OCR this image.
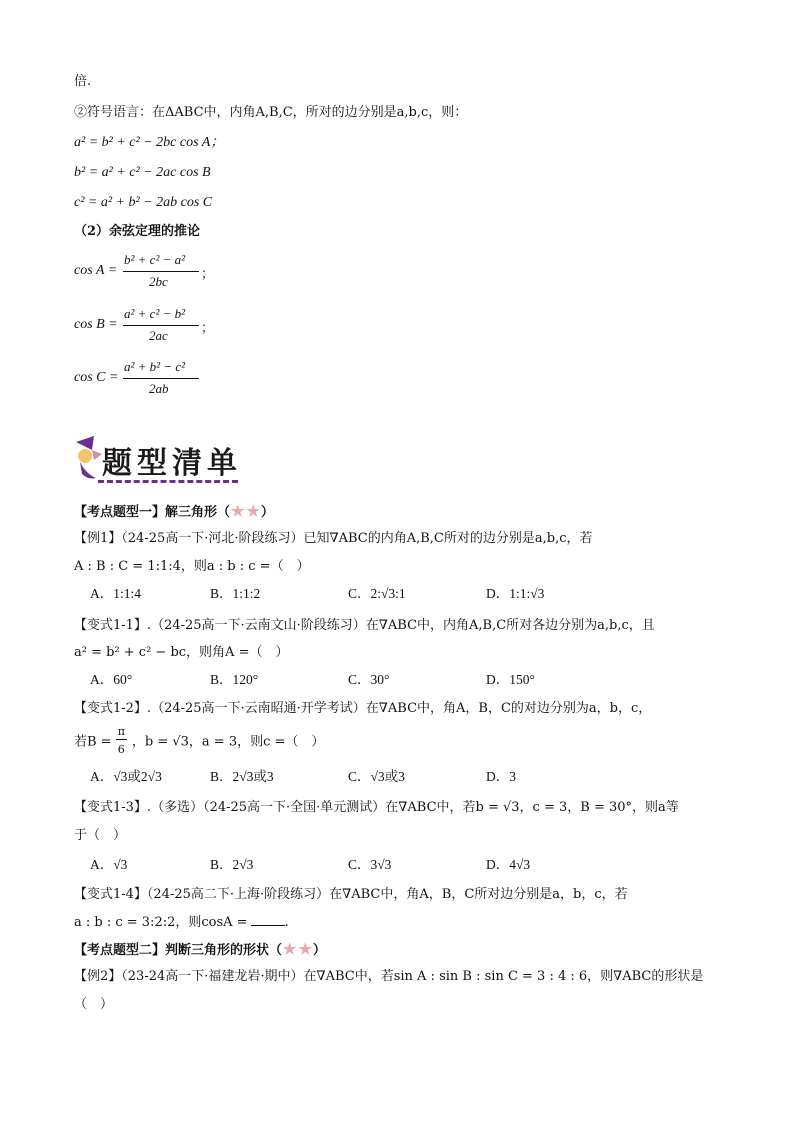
倍.
②符号语言：在ΔABC中，内角A,B,C，所对的边分别是a,b,c，则：
a² = b² + c² − 2bc cos A；
b² = a² + c² − 2ac cos B
c² = a² + b² − 2ab cos C
（2）余弦定理的推论
cos A =
b² + c² − a²
2bc
；
cos B =
a² + c² − b²
2ac
；
cos C =
a² + b² − c²
2ab
题型清单
【考点题型一】解三角形（★ ★）
【例1】（24-25高一下·河北·阶段练习）已知∇ABC的内角A,B,C所对的边分别是a,b,c，若
A : B : C = 1:1:4，则a : b : c =（　）
A．1:1:4	B．1:1:2	C．2:√3:1	D．1:1:√3
【变式1-1】.（24-25高一下·云南文山·阶段练习）在∇ABC中，内角A,B,C所对各边分别为a,b,c，且
a² = b² + c² − bc，则角A =（　）
A．60°	B．120°	C．30°	D．150°
【变式1-2】.（24-25高一下·云南昭通·开学考试）在∇ABC中，角A，B，C的对边分别为a，b，c，
若$B = \frac{\pi}{6}$ ，b = √3，a = 3，则c =（　）
A．√3或2√3	B．2√3或3	C．√3或3	D．3
【变式1-3】.（多选）（24-25高一下·全国·单元测试）在∇ABC中，若b = √3，c = 3，B = 30°，则a等
于（　）
A．√3	B．2√3	C．3√3	D．4√3
【变式1-4】（24-25高二下·上海·阶段练习）在∇ABC中，角A，B，C所对边分别是a，b，c，若
a : b : c = 3:2:2，则cosA =	.
【考点题型二】判断三角形的形状（★ ★）
【例2】（23-24高一下·福建龙岩·期中）在∇ABC中，若sin A : sin B : sin C = 3 : 4 : 6，则∇ABC的形状是
（　）
